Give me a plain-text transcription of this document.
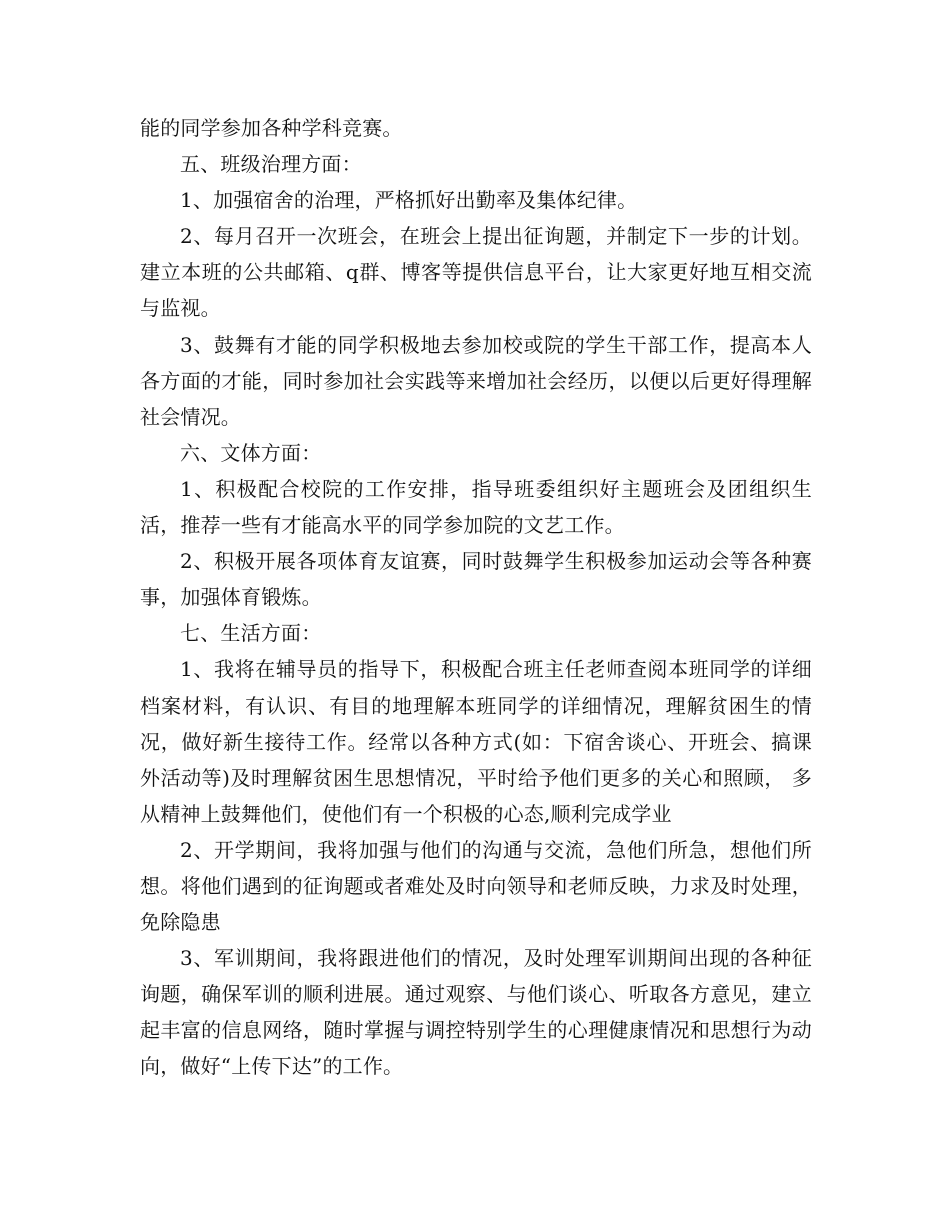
能的同学参加各种学科竞赛。

五、班级治理方面：

1、加强宿舍的治理，严格抓好出勤率及集体纪律。

2、每月召开一次班会，在班会上提出征询题，并制定下一步的计划。建立本班的公共邮箱、q群、博客等提供信息平台，让大家更好地互相交流与监视。

3、鼓舞有才能的同学积极地去参加校或院的学生干部工作，提高本人各方面的才能，同时参加社会实践等来增加社会经历，以便以后更好得理解社会情况。

六、文体方面：

1、积极配合校院的工作安排，指导班委组织好主题班会及团组织生活，推荐一些有才能高水平的同学参加院的文艺工作。

2、积极开展各项体育友谊赛，同时鼓舞学生积极参加运动会等各种赛事，加强体育锻炼。

七、生活方面：

1、我将在辅导员的指导下，积极配合班主任老师查阅本班同学的详细档案材料，有认识、有目的地理解本班同学的详细情况，理解贫困生的情况，做好新生接待工作。经常以各种方式(如：下宿舍谈心、开班会、搞课外活动等)及时理解贫困生思想情况，平时给予他们更多的关心和照顾， 多从精神上鼓舞他们，使他们有一个积极的心态,顺利完成学业

2、开学期间，我将加强与他们的沟通与交流，急他们所急，想他们所想。将他们遇到的征询题或者难处及时向领导和老师反映，力求及时处理，免除隐患

3、军训期间，我将跟进他们的情况，及时处理军训期间出现的各种征询题，确保军训的顺利进展。通过观察、与他们谈心、听取各方意见，建立起丰富的信息网络，随时掌握与调控特别学生的心理健康情况和思想行为动向，做好“上传下达”的工作。
